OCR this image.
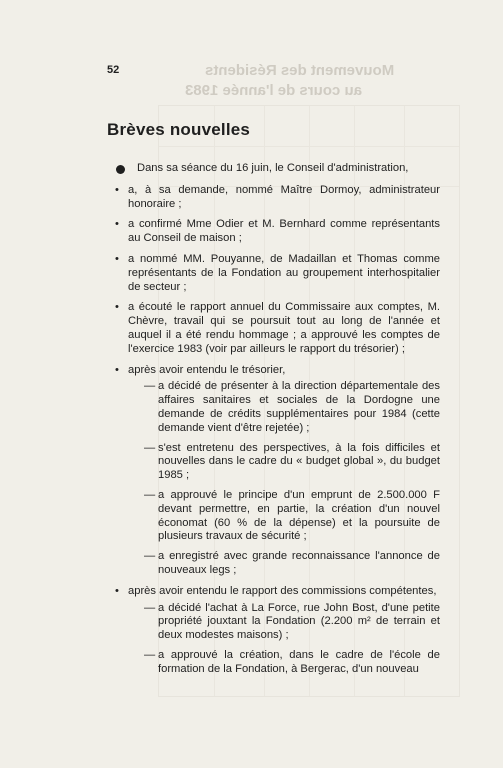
Mouvement des Résidents
au cours de l'année 1983
52
Brèves nouvelles
Dans sa séance du 16 juin, le Conseil d'administration,
• a, à sa demande, nommé Maître Dormoy, administrateur honoraire ;
• a confirmé Mme Odier et M. Bernhard comme représentants au Conseil de maison ;
• a nommé MM. Pouyanne, de Madaillan et Thomas comme représentants de la Fondation au groupement interhospitalier de secteur ;
• a écouté le rapport annuel du Commissaire aux comptes, M. Chèvre, travail qui se poursuit tout au long de l'année et auquel il a été rendu hommage ; a approuvé les comptes de l'exercice 1983 (voir par ailleurs le rapport du trésorier) ;
• après avoir entendu le trésorier,
— a décidé de présenter à la direction départementale des affaires sanitaires et sociales de la Dordogne une demande de crédits supplémentaires pour 1984 (cette demande vient d'être rejetée) ;
— s'est entretenu des perspectives, à la fois difficiles et nouvelles dans le cadre du « budget global », du budget 1985 ;
— a approuvé le principe d'un emprunt de 2.500.000 F devant permettre, en partie, la création d'un nouvel économat (60 % de la dépense) et la poursuite de plusieurs travaux de sécurité ;
— a enregistré avec grande reconnaissance l'annonce de nouveaux legs ;
• après avoir entendu le rapport des commissions compétentes,
— a décidé l'achat à La Force, rue John Bost, d'une petite propriété jouxtant la Fondation (2.200 m² de terrain et deux modestes maisons) ;
— a approuvé la création, dans le cadre de l'école de formation de la Fondation, à Bergerac, d'un nouveau
